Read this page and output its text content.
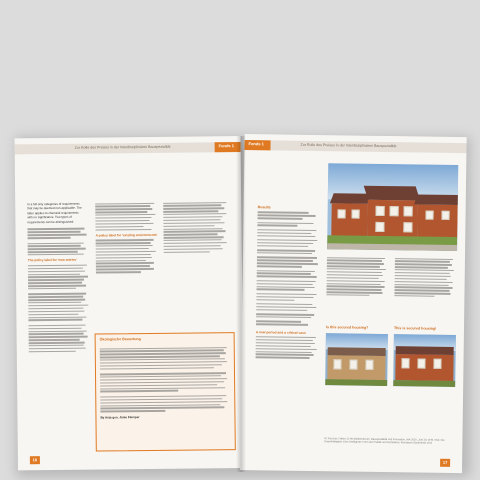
Zur Rolle des Preises in der Interdisziplinären Bauspezialität	Fonds 1
In a full only categories of requirements
that may be deemed non-applicable. The
latter applies to chemical requirements
with no significance. Two types of
requirements can be distinguished:
The policy label for 'new entries'
A policy label for 'existing environments'
Ökologische Bewertung
By Anja gen. Janie Flemper
16
Fonds 1	Zur Rolle des Preises in der Interdisziplinären Bauspezialität
Results
A new period and a critical case
Is this secured housing?	This is secured housing!
M. Kreuzer, Faktor 12 Architektenforum, Bauspezialität und Innovation, WA 2020, Juni 20; W.M. Reif, Die Dauerhaftigkeit: Eine intelligente Form der Praktik und Architektur, Kienbaum Sonderheft 2011
17
